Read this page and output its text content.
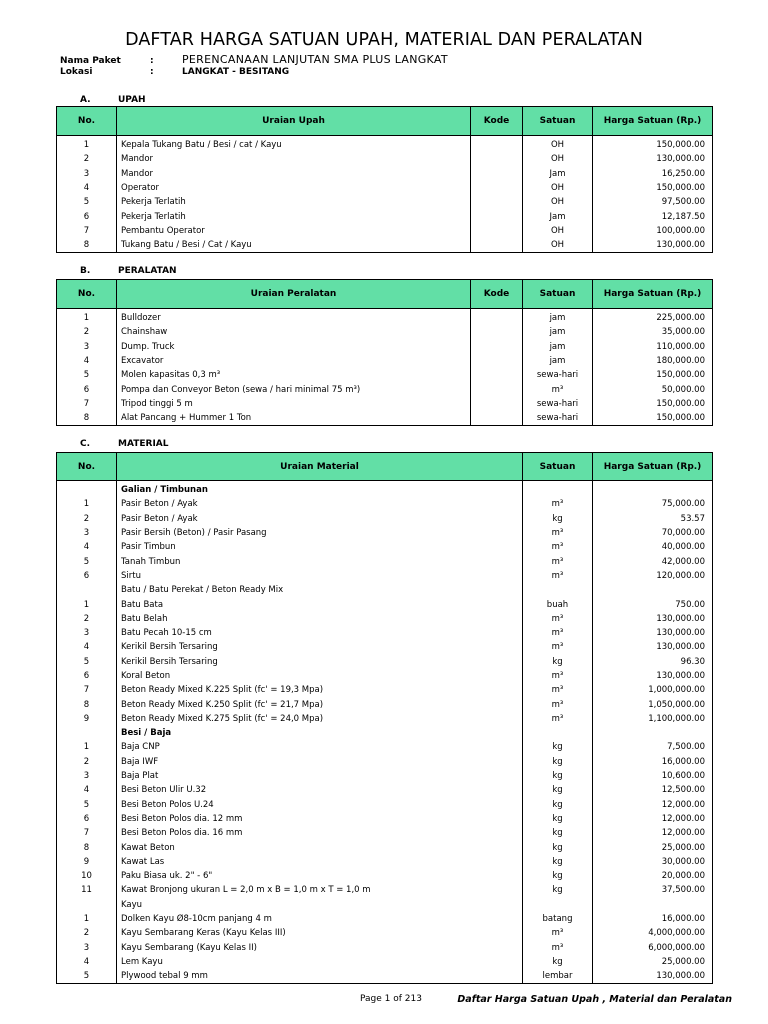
DAFTAR HARGA SATUAN UPAH, MATERIAL DAN PERALATAN
Nama Paket	:	PERENCANAAN LANJUTAN SMA PLUS LANGKAT
Lokasi	:	LANGKAT - BESITANG
A.	UPAH
No.	Uraian Upah	Kode	Satuan	Harga Satuan (Rp.)
1	Kepala Tukang Batu / Besi / cat / Kayu		OH	150,000.00
2	Mandor		OH	130,000.00
3	Mandor		Jam	16,250.00
4	Operator		OH	150,000.00
5	Pekerja Terlatih		OH	97,500.00
6	Pekerja Terlatih		Jam	12,187.50
7	Pembantu Operator		OH	100,000.00
8	Tukang Batu / Besi / Cat / Kayu		OH	130,000.00
B.	PERALATAN
No.	Uraian Peralatan	Kode	Satuan	Harga Satuan (Rp.)
1	Bulldozer		jam	225,000.00
2	Chainshaw		jam	35,000.00
3	Dump. Truck		jam	110,000.00
4	Excavator		jam	180,000.00
5	Molen kapasitas 0,3 m³		sewa-hari	150,000.00
6	Pompa dan Conveyor Beton (sewa / hari minimal 75 m³)		m³	50,000.00
7	Tripod tinggi 5 m		sewa-hari	150,000.00
8	Alat Pancang + Hummer 1 Ton		sewa-hari	150,000.00
C.	MATERIAL
No.	Uraian Material	Satuan	Harga Satuan (Rp.)
	Galian / Timbunan		
1	Pasir Beton / Ayak	m³	75,000.00
2	Pasir Beton / Ayak	kg	53.57
3	Pasir Bersih (Beton) / Pasir Pasang	m³	70,000.00
4	Pasir Timbun	m³	40,000.00
5	Tanah Timbun	m³	42,000.00
6	Sirtu	m³	120,000.00
	Batu / Batu Perekat / Beton Ready Mix		
1	Batu Bata	buah	750.00
2	Batu Belah	m³	130,000.00
3	Batu Pecah 10-15 cm	m³	130,000.00
4	Kerikil Bersih Tersaring	m³	130,000.00
5	Kerikil Bersih Tersaring	kg	96.30
6	Koral Beton	m³	130,000.00
7	Beton Ready Mixed K.225 Split (fc' = 19,3 Mpa)	m³	1,000,000.00
8	Beton Ready Mixed K.250 Split (fc' = 21,7 Mpa)	m³	1,050,000.00
9	Beton Ready Mixed K.275 Split (fc' = 24,0 Mpa)	m³	1,100,000.00
	Besi / Baja		
1	Baja CNP	kg	7,500.00
2	Baja IWF	kg	16,000.00
3	Baja Plat	kg	10,600.00
4	Besi Beton Ulir U.32	kg	12,500.00
5	Besi Beton Polos U.24	kg	12,000.00
6	Besi Beton Polos dia. 12 mm	kg	12,000.00
7	Besi Beton Polos dia. 16 mm	kg	12,000.00
8	Kawat Beton	kg	25,000.00
9	Kawat Las	kg	30,000.00
10	Paku Biasa uk. 2" - 6"	kg	20,000.00
11	Kawat Bronjong ukuran L = 2,0 m x B = 1,0 m x T = 1,0 m	kg	37,500.00
	Kayu		
1	Dolken Kayu Ø8-10cm panjang 4 m	batang	16,000.00
2	Kayu Sembarang Keras (Kayu Kelas III)	m³	4,000,000.00
3	Kayu Sembarang (Kayu Kelas II)	m³	6,000,000.00
4	Lem Kayu	kg	25,000.00
5	Plywood tebal 9 mm	lembar	130,000.00
Page 1 of 213	Daftar Harga Satuan Upah , Material dan Peralatan
